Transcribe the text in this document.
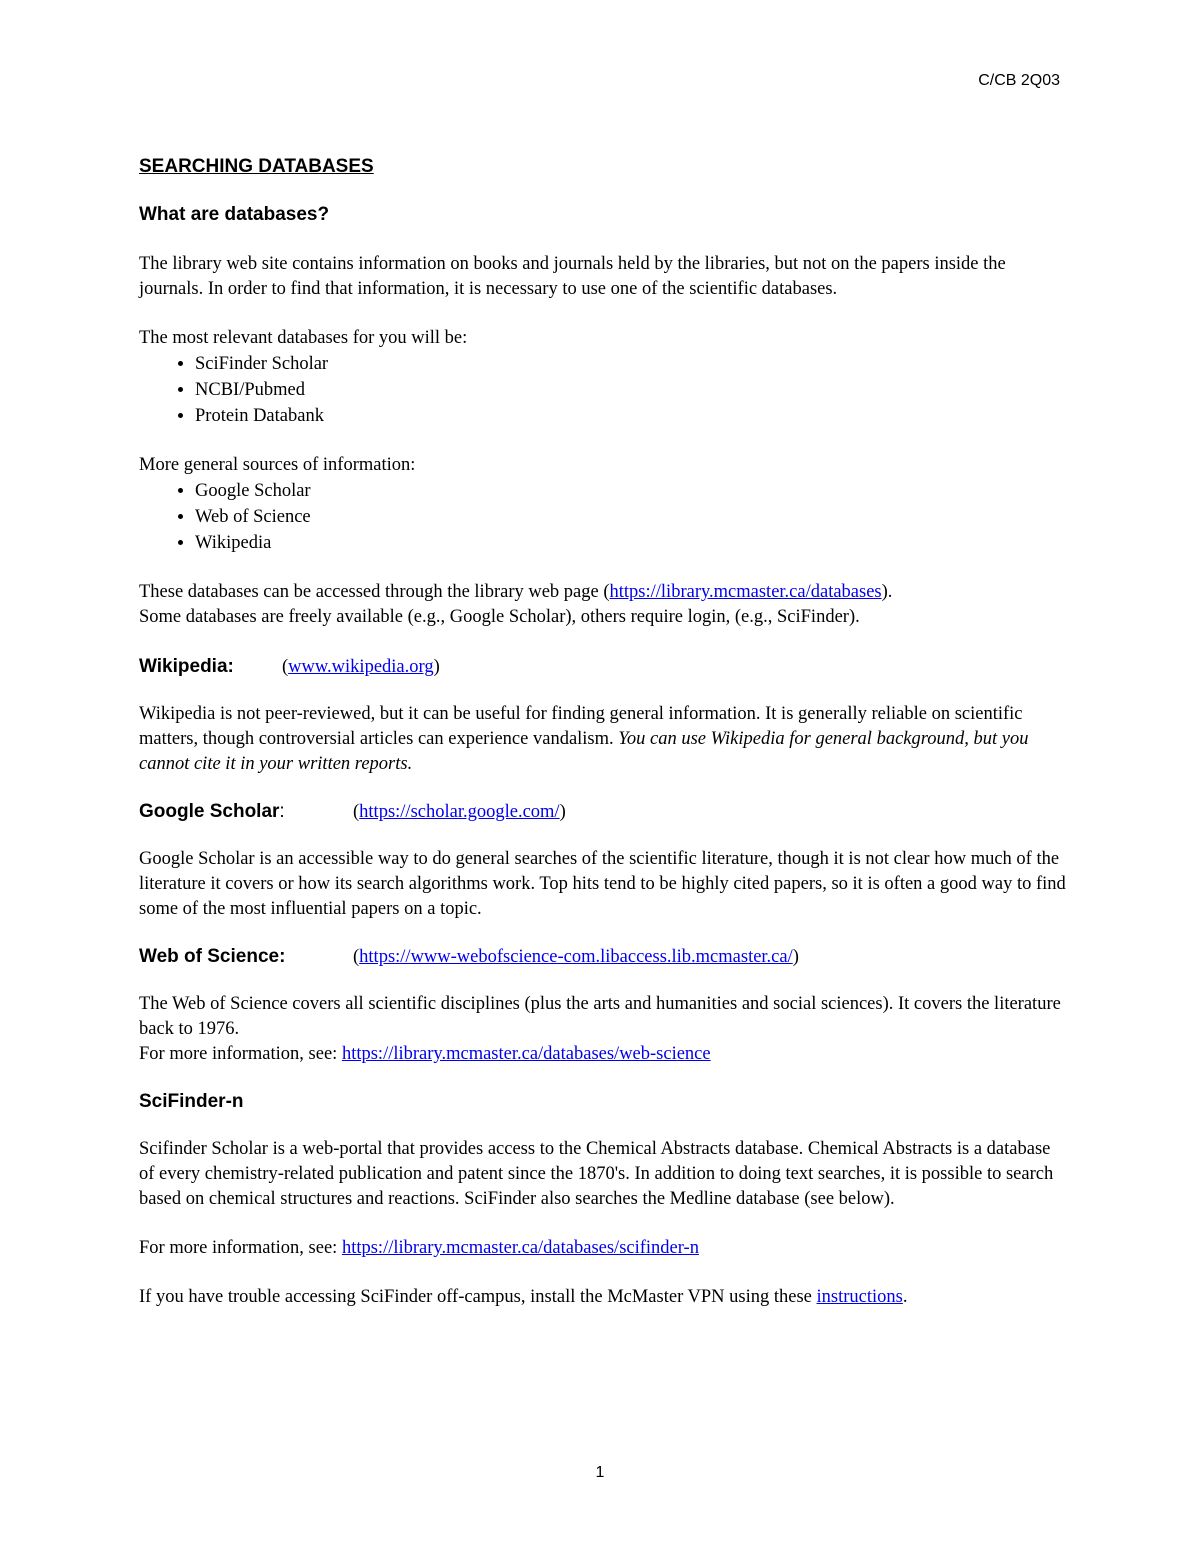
C/CB 2Q03
SEARCHING DATABASES
What are databases?

The library web site contains information on books and journals held by the libraries, but not on the papers inside the journals. In order to find that information, it is necessary to use one of the scientific databases.

The most relevant databases for you will be:

• SciFinder Scholar
• NCBI/Pubmed
• Protein Databank

More general sources of information:

• Google Scholar
• Web of Science
• Wikipedia

These databases can be accessed through the library web page (https://library.mcmaster.ca/databases).
Some databases are freely available (e.g., Google Scholar), others require login, (e.g., SciFinder).

Wikipedia:	(www.wikipedia.org)

Wikipedia is not peer-reviewed, but it can be useful for finding general information. It is generally reliable on scientific matters, though controversial articles can experience vandalism. You can use Wikipedia for general background, but you cannot cite it in your written reports.

Google Scholar:	(https://scholar.google.com/)

Google Scholar is an accessible way to do general searches of the scientific literature, though it is not clear how much of the literature it covers or how its search algorithms work. Top hits tend to be highly cited papers, so it is often a good way to find some of the most influential papers on a topic.

Web of Science:	(https://www-webofscience-com.libaccess.lib.mcmaster.ca/)

The Web of Science covers all scientific disciplines (plus the arts and humanities and social sciences). It covers the literature back to 1976.
For more information, see: https://library.mcmaster.ca/databases/web-science

SciFinder-n

Scifinder Scholar is a web-portal that provides access to the Chemical Abstracts database. Chemical Abstracts is a database of every chemistry-related publication and patent since the 1870's. In addition to doing text searches, it is possible to search based on chemical structures and reactions. SciFinder also searches the Medline database (see below).

For more information, see: https://library.mcmaster.ca/databases/scifinder-n

If you have trouble accessing SciFinder off-campus, install the McMaster VPN using these instructions.

1
